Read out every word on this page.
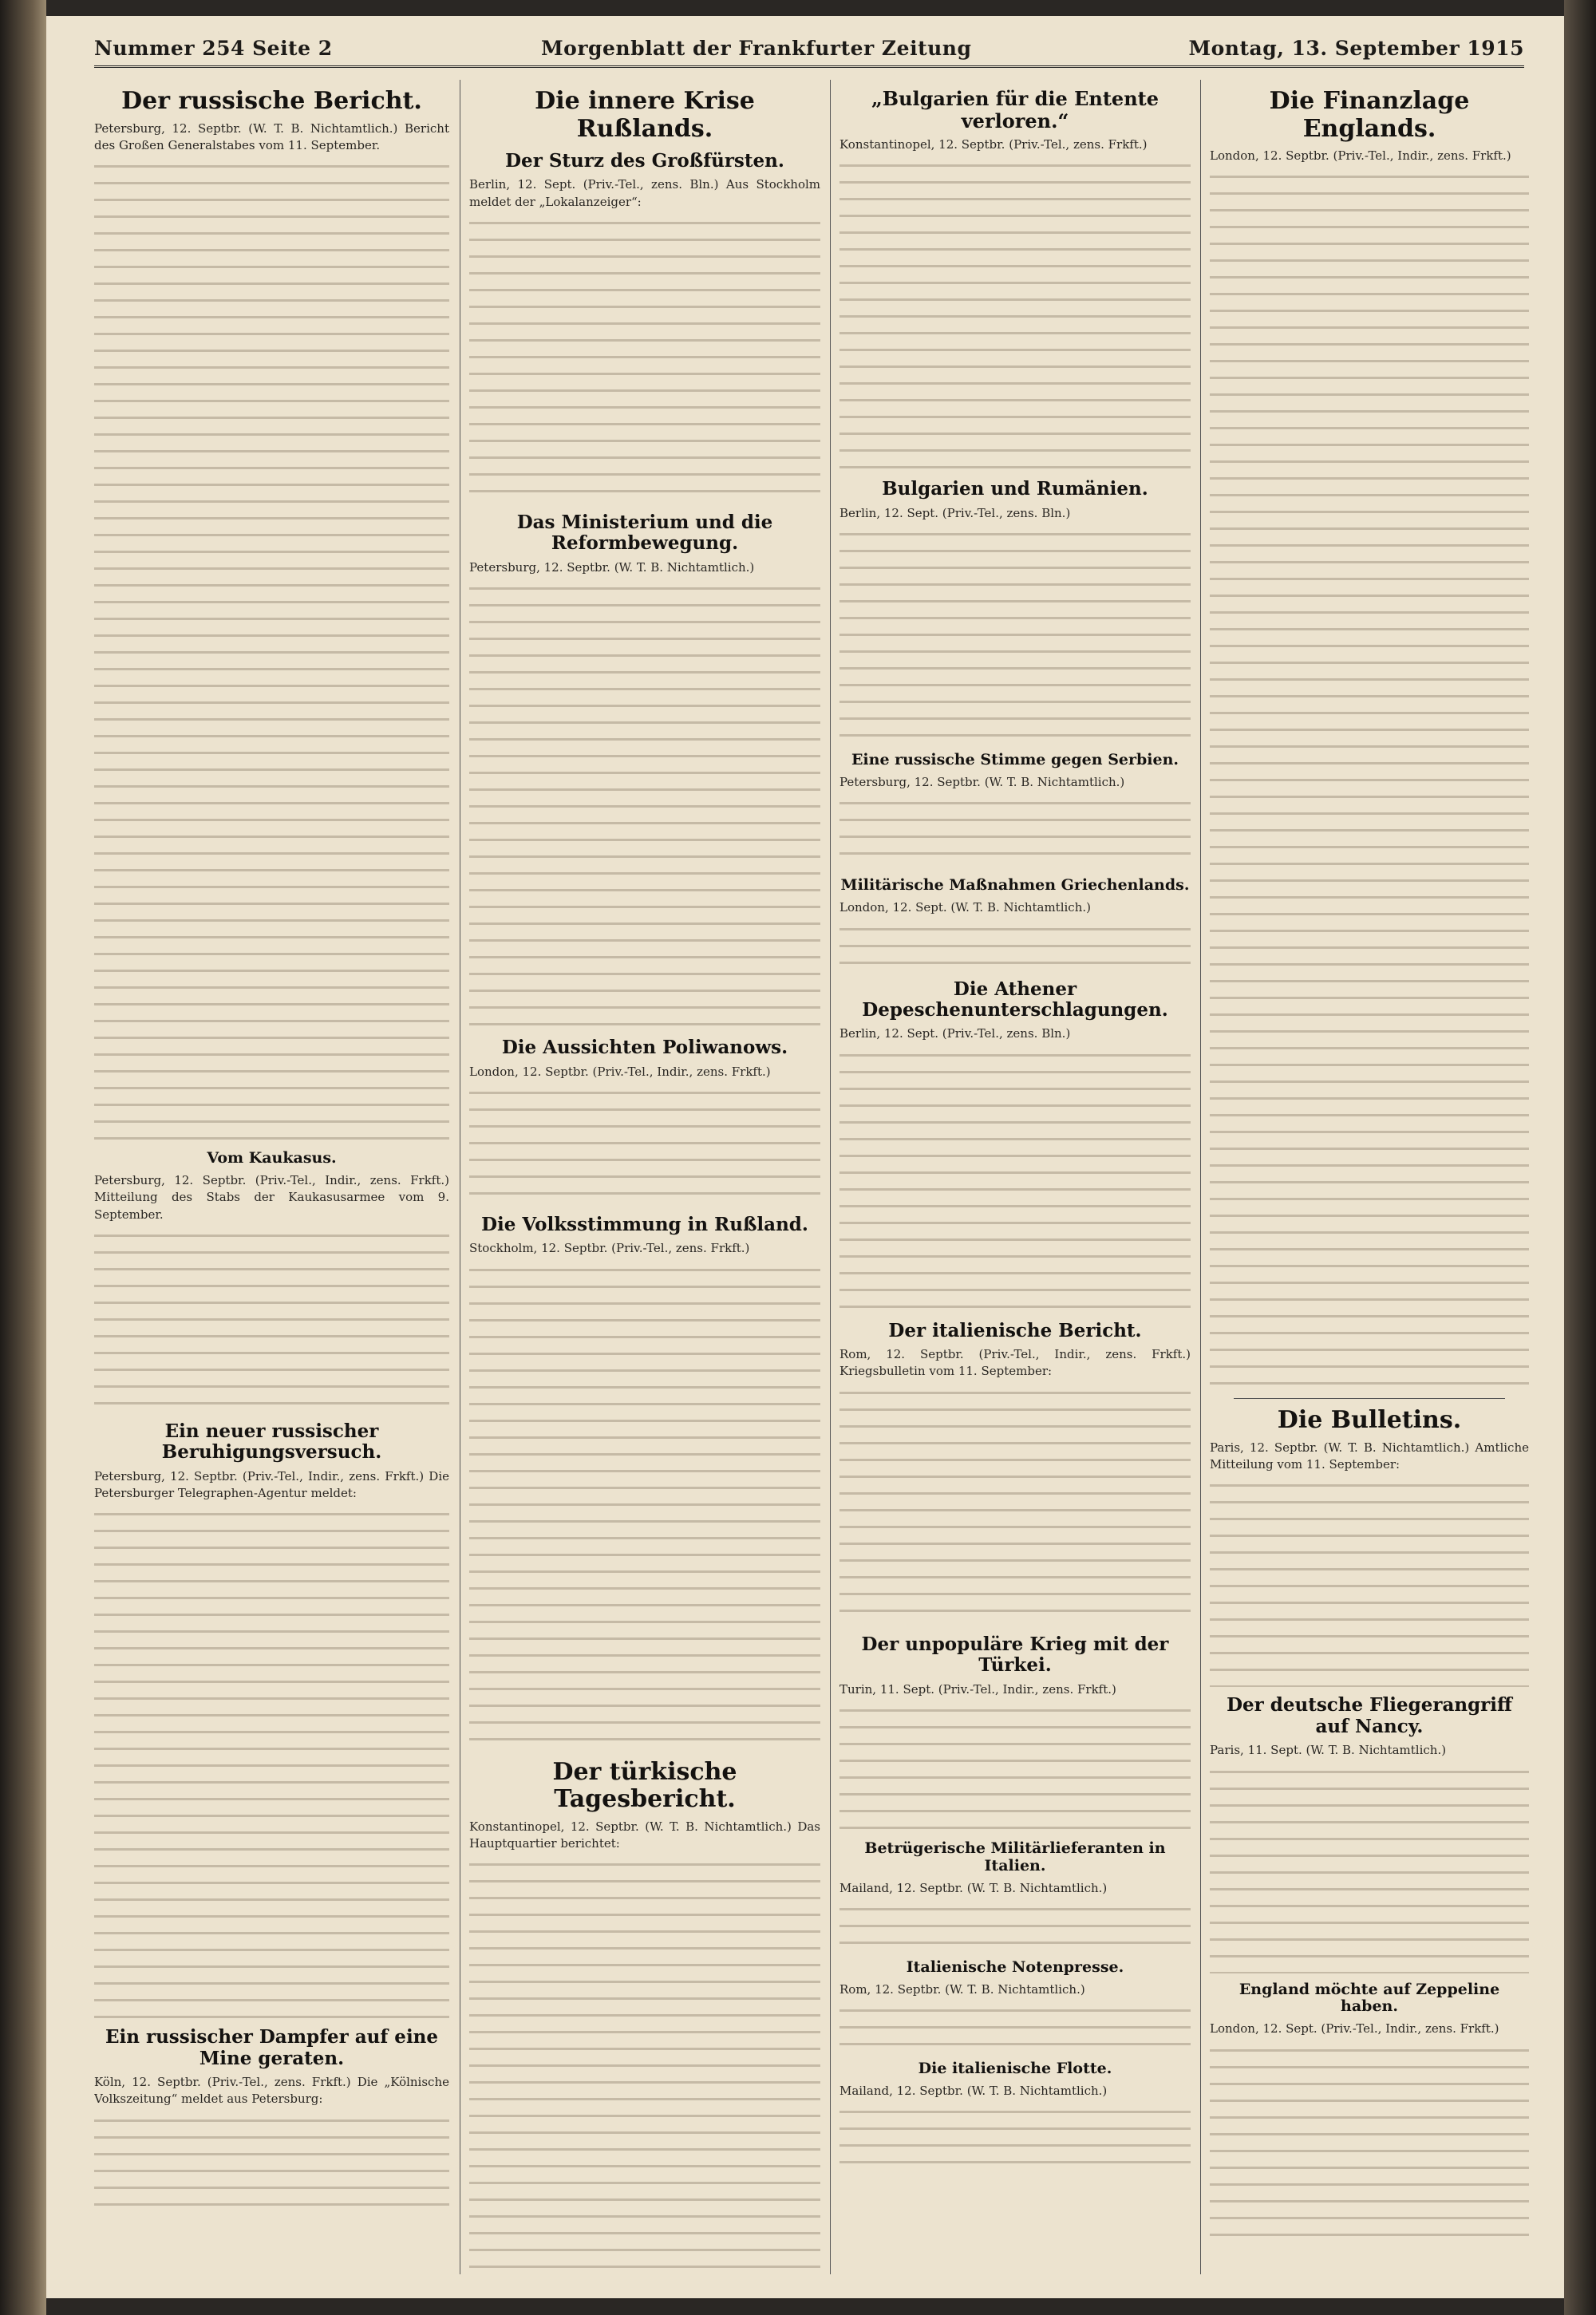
Nummer 254 Seite 2	Morgenblatt der Frankfurter Zeitung	Montag, 13. September 1915
Der russische Bericht.
Petersburg, 12. Septbr. (W. T. B. Nichtamtlich.) Bericht des Großen Generalstabes vom 11. September.
Vom Kaukasus.
Petersburg, 12. Septbr. (Priv.-Tel., Indir., zens. Frkft.) Mitteilung des Stabs der Kaukasusarmee vom 9. September.
Ein neuer russischer Beruhigungsversuch.
Petersburg, 12. Septbr. (Priv.-Tel., Indir., zens. Frkft.) Die Petersburger Telegraphen-Agentur meldet:
Ein russischer Dampfer auf eine Mine geraten.
Köln, 12. Septbr. (Priv.-Tel., zens. Frkft.) Die „Kölnische Volkszeitung“ meldet aus Petersburg:
Die innere Krise Rußlands.
Der Sturz des Großfürsten.
Berlin, 12. Sept. (Priv.-Tel., zens. Bln.) Aus Stockholm meldet der „Lokalanzeiger“:
Das Ministerium und die Reformbewegung.
Petersburg, 12. Septbr. (W. T. B. Nichtamtlich.)
Die Aussichten Poliwanows.
London, 12. Septbr. (Priv.-Tel., Indir., zens. Frkft.)
Die Volksstimmung in Rußland.
Stockholm, 12. Septbr. (Priv.-Tel., zens. Frkft.)
Der türkische Tagesbericht.
Konstantinopel, 12. Septbr. (W. T. B. Nichtamtlich.) Das Hauptquartier berichtet:
„Bulgarien für die Entente verloren.“
Konstantinopel, 12. Septbr. (Priv.-Tel., zens. Frkft.)
Bulgarien und Rumänien.
Berlin, 12. Sept. (Priv.-Tel., zens. Bln.)
Eine russische Stimme gegen Serbien.
Petersburg, 12. Septbr. (W. T. B. Nichtamtlich.)
Militärische Maßnahmen Griechenlands.
London, 12. Sept. (W. T. B. Nichtamtlich.)
Die Athener Depeschenunterschlagungen.
Berlin, 12. Sept. (Priv.-Tel., zens. Bln.)
Der italienische Bericht.
Rom, 12. Septbr. (Priv.-Tel., Indir., zens. Frkft.) Kriegsbulletin vom 11. September:
Der unpopuläre Krieg mit der Türkei.
Turin, 11. Sept. (Priv.-Tel., Indir., zens. Frkft.)
Betrügerische Militärlieferanten in Italien.
Mailand, 12. Septbr. (W. T. B. Nichtamtlich.)
Italienische Notenpresse.
Rom, 12. Septbr. (W. T. B. Nichtamtlich.)
Die italienische Flotte.
Mailand, 12. Septbr. (W. T. B. Nichtamtlich.)
Die Finanzlage Englands.
London, 12. Septbr. (Priv.-Tel., Indir., zens. Frkft.)
Die Bulletins.
Paris, 12. Septbr. (W. T. B. Nichtamtlich.) Amtliche Mitteilung vom 11. September:
Der deutsche Fliegerangriff auf Nancy.
Paris, 11. Sept. (W. T. B. Nichtamtlich.)
England möchte auf Zeppeline haben.
London, 12. Sept. (Priv.-Tel., Indir., zens. Frkft.)
